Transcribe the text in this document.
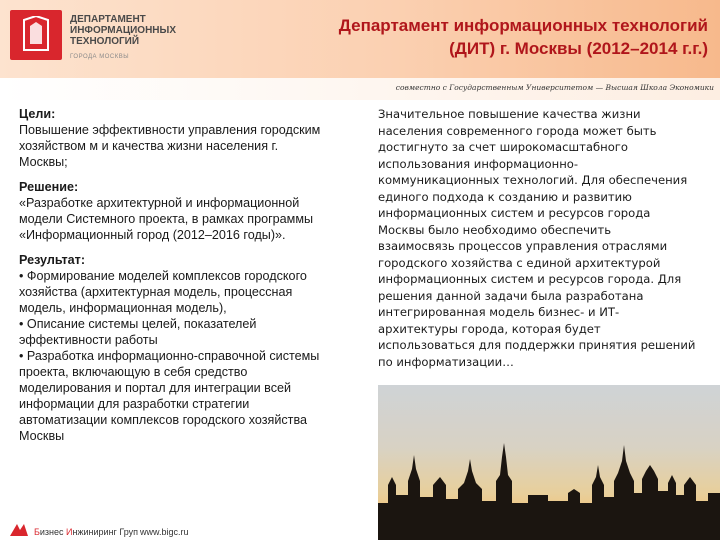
ДЕПАРТАМЕНТ
ИНФОРМАЦИОННЫХ
ТЕХНОЛОГИЙ
ГОРОДА МОСКВЫ
Департамент информационных технологий
(ДИТ) г. Москвы (2012–2014 г.г.)
совместно с Государственным Университетом — Высшая Школа Экономики
Цели:
Повышение эффективности управления городским
хозяйством м и качества жизни населения г.
Москвы;
Решение:
«Разработке архитектурной и информационной
модели Системного проекта, в рамках программы
«Информационный город (2012–2016 годы)».
Результат:
• Формирование моделей комплексов городского
хозяйства (архитектурная модель, процессная
модель, информационная модель),
• Описание системы целей, показателей
эффективности работы
• Разработка информационно-справочной системы
проекта, включающую в себя средство
моделирования и портал для интеграции всей
информации для разработки стратегии
автоматизации комплексов городского хозяйства
Москвы
Значительное повышение качества жизни
населения современного города может быть
достигнуто за счет широкомасштабного
использования информационно-
коммуникационных технологий. Для обеспечения
единого подхода к созданию и развитию
информационных систем и ресурсов города
Москвы было необходимо обеспечить
взаимосвязь процессов управления отраслями
городского хозяйства с единой архитектурой
информационных систем и ресурсов города. Для
решения данной задачи была разработана
интегрированная модель бизнес- и ИТ-
архитектуры города, которая будет
использоваться для поддержки принятия решений
по информатизации…
Бизнес Инжиниринг Груп www.bigc.ru
